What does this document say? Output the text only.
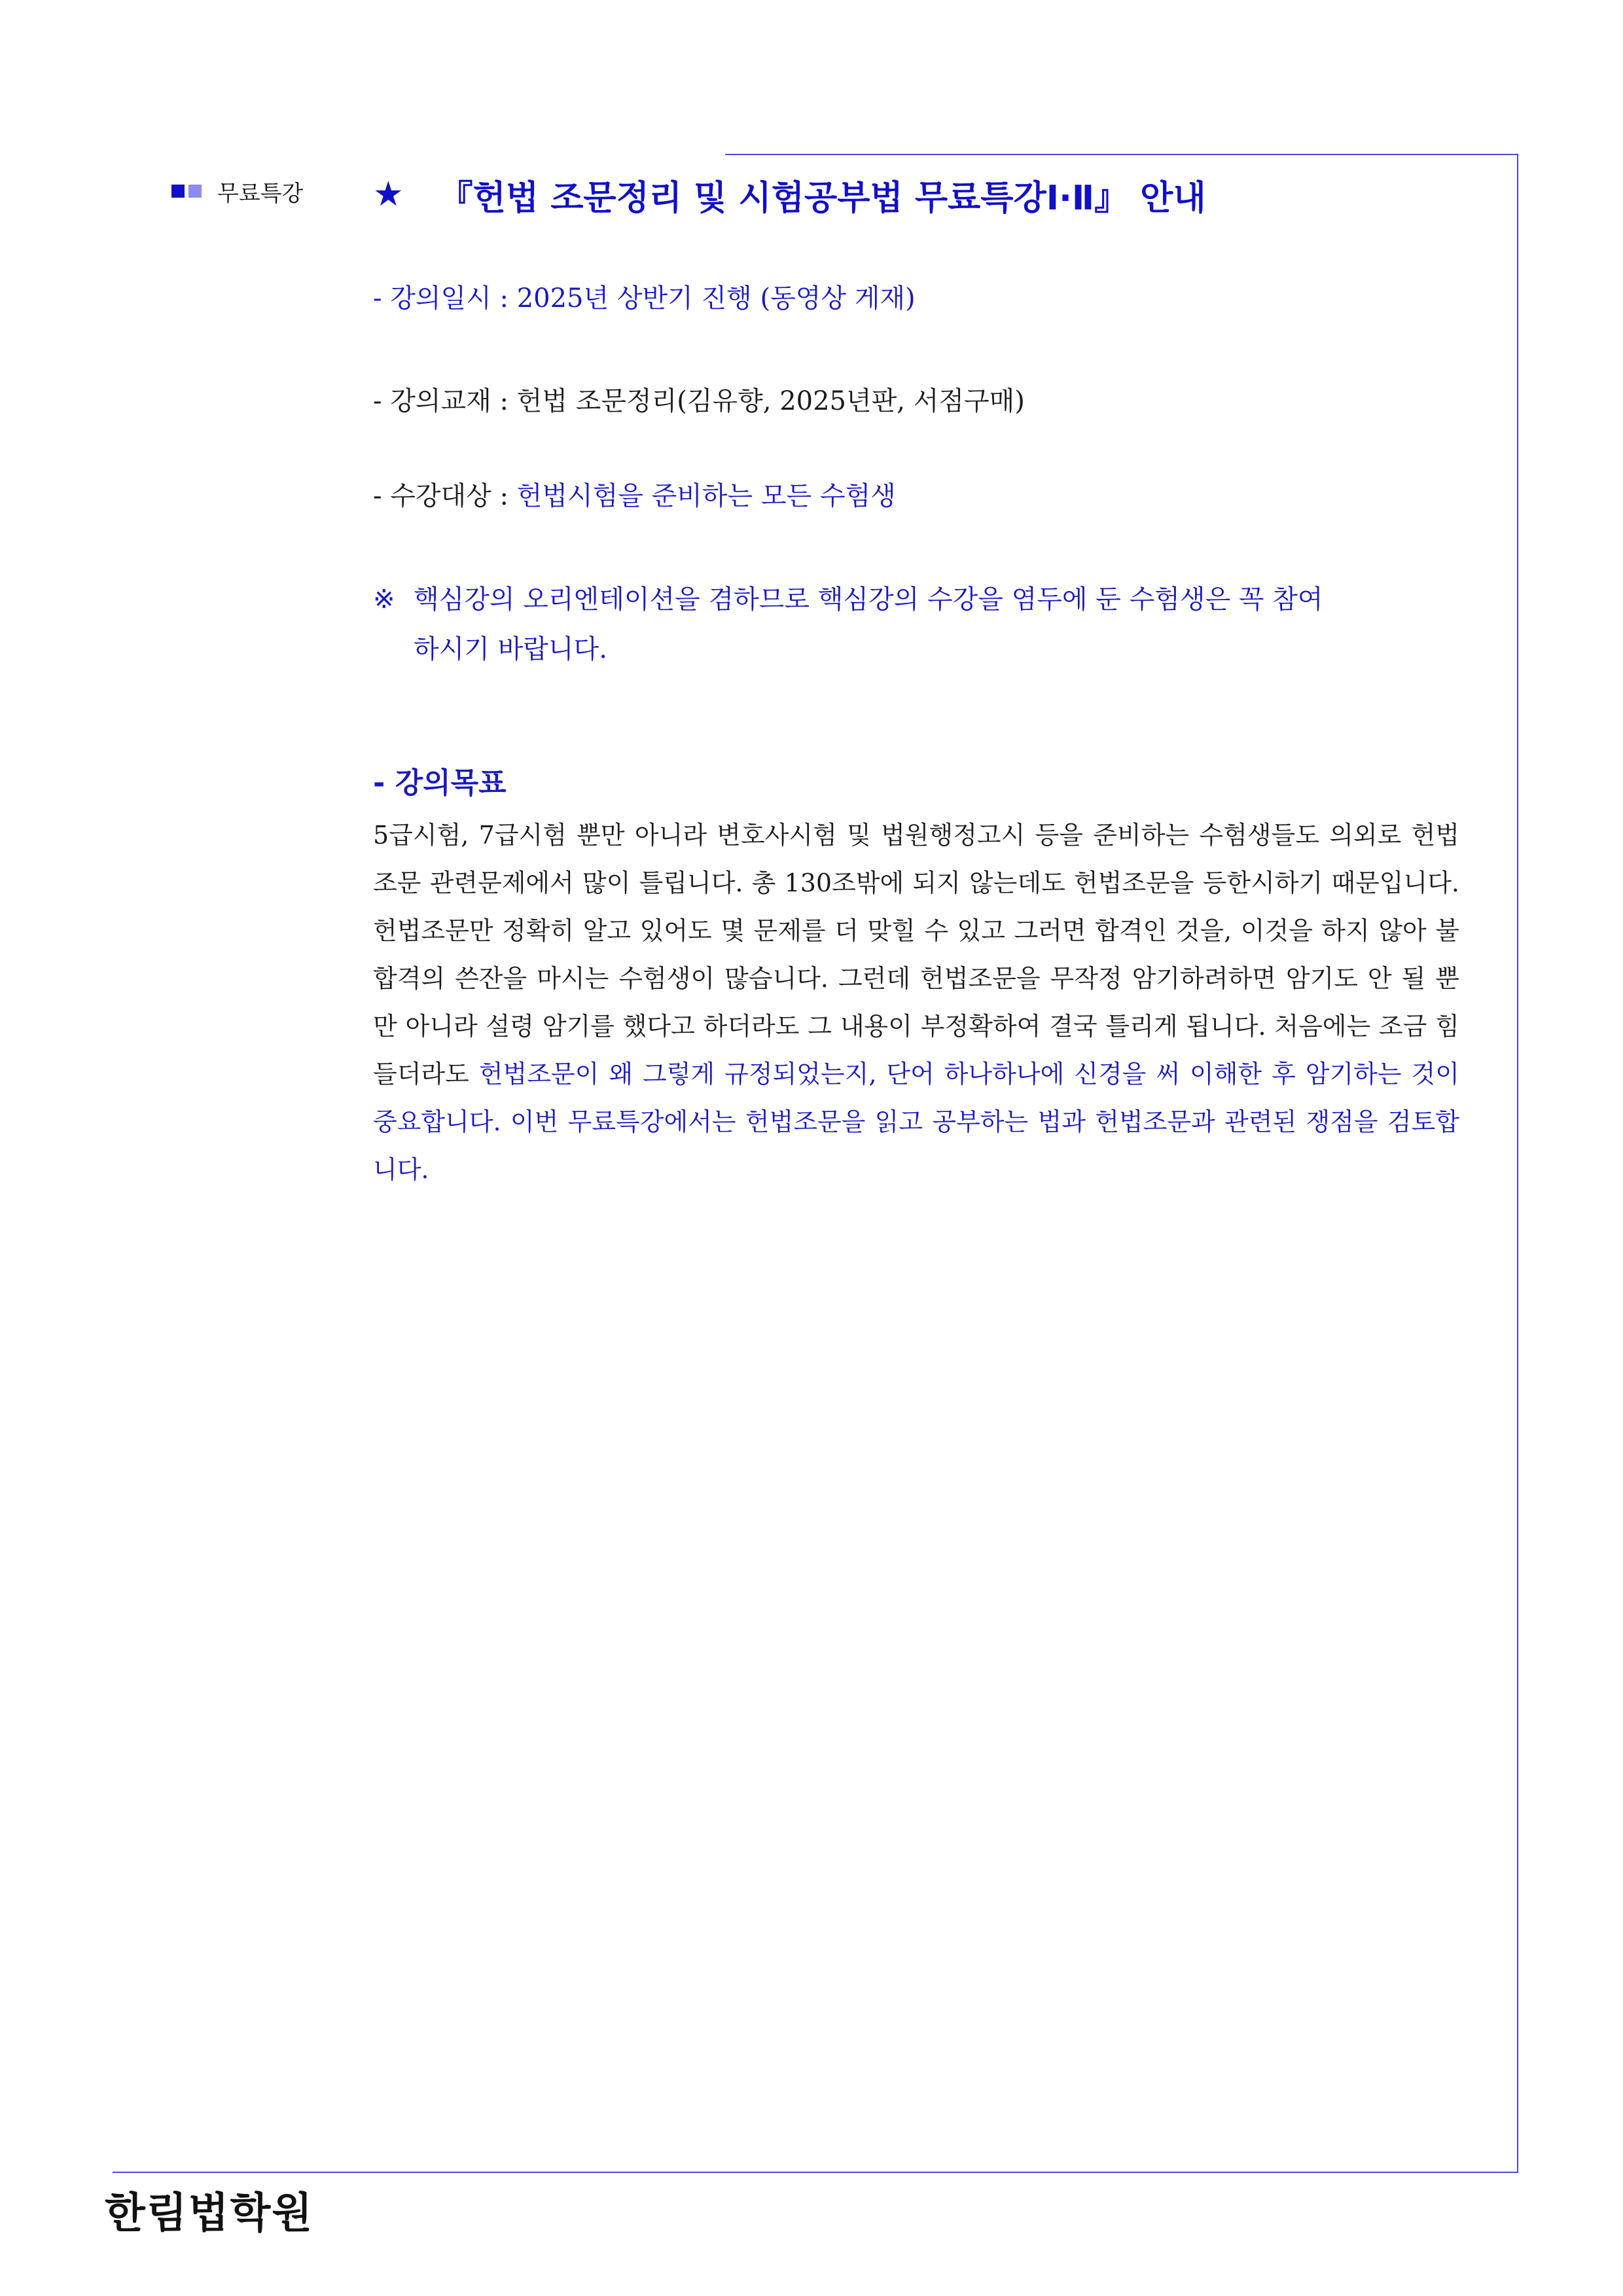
무료특강 ★ 『헌법 조문정리 및 시험공부법 무료특강Ⅰ·Ⅱ』 안내
- 강의일시 : 2025년 상반기 진행 (동영상 게재)
- 강의교재 : 헌법 조문정리(김유향, 2025년판, 서점구매)
- 수강대상 : 헌법시험을 준비하는 모든 수험생
※ 핵심강의 오리엔테이션을 겸하므로 핵심강의 수강을 염두에 둔 수험생은 꼭 참여
하시기 바랍니다.
- 강의목표
5급시험, 7급시험 뿐만 아니라 변호사시험 및 법원행정고시 등을 준비하는 수험생들도 의외로 헌법조문 관련문제에서 많이 틀립니다. 총 130조밖에 되지 않는데도 헌법조문을 등한시하기 때문입니다. 헌법조문만 정확히 알고 있어도 몇 문제를 더 맞힐 수 있고 그러면 합격인 것을, 이것을 하지 않아 불합격의 쓴잔을 마시는 수험생이 많습니다. 그런데 헌법조문을 무작정 암기하려하면 암기도 안 될 뿐만 아니라 설령 암기를 했다고 하더라도 그 내용이 부정확하여 결국 틀리게 됩니다. 처음에는 조금 힘들더라도 헌법조문이 왜 그렇게 규정되었는지, 단어 하나하나에 신경을 써 이해한 후 암기하는 것이 중요합니다. 이번 무료특강에서는 헌법조문을 읽고 공부하는 법과 헌법조문과 관련된 쟁점을 검토합니다.
한림법학원
